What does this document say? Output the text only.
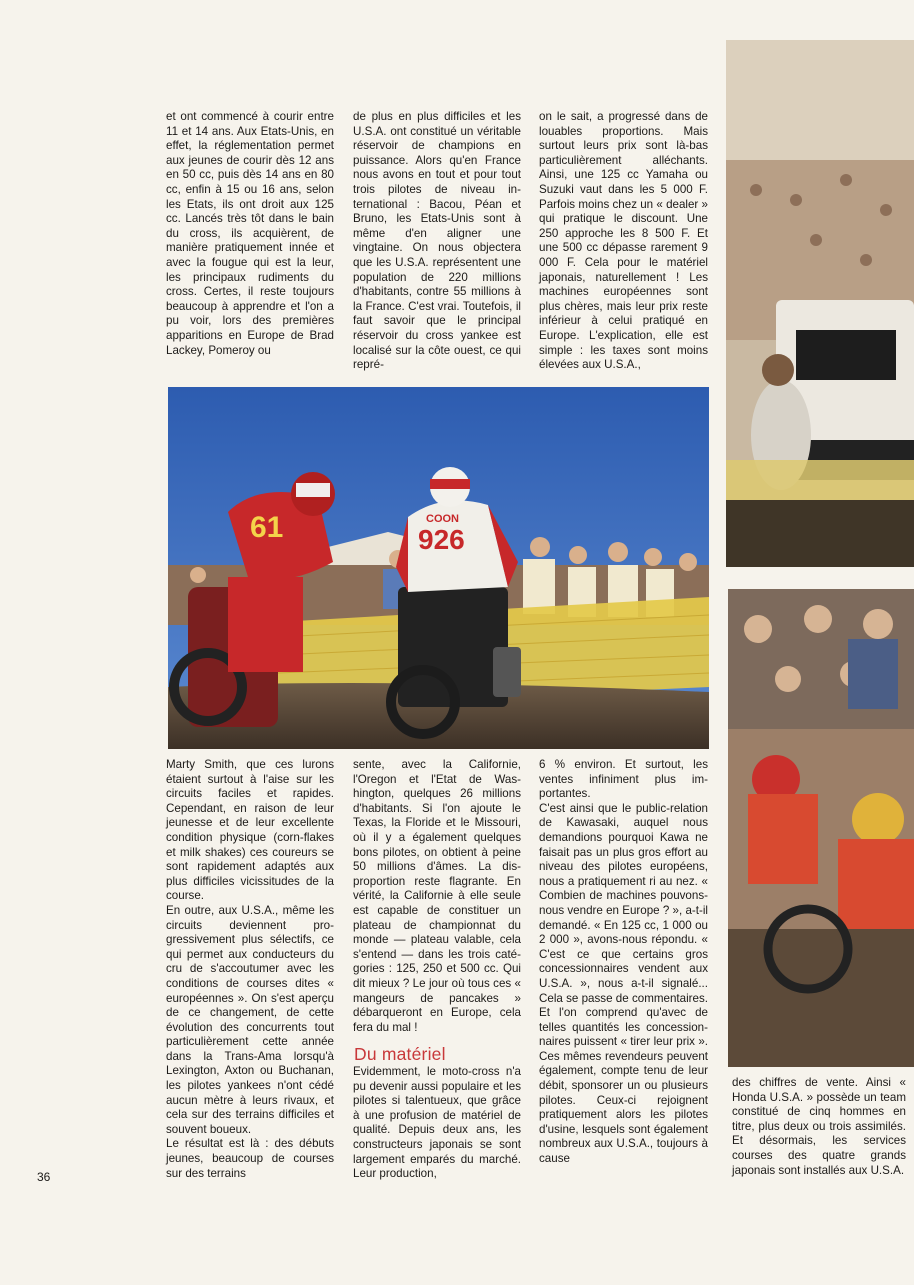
et ont commencé à courir entre 11 et 14 ans. Aux Etats-Unis, en effet, la réglementation permet aux jeunes de courir dès 12 ans en 50 cc, puis dès 14 ans en 80 cc, enfin à 15 ou 16 ans, selon les Etats, ils ont droit aux 125 cc. Lancés très tôt dans le bain du cross, ils acquièrent, de manière pratiquement innée et avec la fougue qui est la leur, les principaux rudiments du cross. Certes, il reste toujours beaucoup à apprendre et l'on a pu voir, lors des premières apparitions en Europe de Brad Lackey, Pomeroy ou

de plus en plus difficiles et les U.S.A. ont constitué un véritable réservoir de champions en puissance. Alors qu'en France nous avons en tout et pour tout trois pilotes de niveau international : Bacou, Péan et Bruno, les Etats-Unis sont à même d'en aligner une vingtaine. On nous objectera que les U.S.A. représentent une population de 220 millions d'habitants, contre 55 millions à la France. C'est vrai. Toutefois, il faut savoir que le principal réservoir du cross yankee est localisé sur la côte ouest, ce qui repré-

on le sait, a progressé dans de louables proportions. Mais surtout leurs prix sont là-bas particulièrement alléchants. Ainsi, une 125 cc Yamaha ou Suzuki vaut dans les 5 000 F. Parfois moins chez un « dealer » qui pratique le discount. Une 250 approche les 8 500 F. Et une 500 cc dépasse rarement 9 000 F. Cela pour le matériel japonais, naturellement ! Les machines européennes sont plus chères, mais leur prix reste inférieur à celui pratiqué en Europe. L'explication, elle est simple : les taxes sont moins élevées aux U.S.A.,

61	COON
926

Marty Smith, que ces lurons étaient surtout à l'aise sur les circuits faciles et rapides. Cependant, en raison de leur jeunesse et de leur excellente condition physique (corn-flakes et milk shakes) ces coureurs se sont rapidement adaptés aux plus difficiles vicissitudes de la course.
En outre, aux U.S.A., même les circuits deviennent progressivement plus sélectifs, ce qui permet aux conducteurs du cru de s'accoutumer avec les conditions de courses dites « européennes ». On s'est aperçu de ce changement, de cette évolution des concurrents tout particulièrement cette année dans la Trans-Ama lorsqu'à Lexington, Axton ou Buchanan, les pilotes yankees n'ont cédé aucun mètre à leurs rivaux, et cela sur des terrains difficiles et souvent boueux.
Le résultat est là : des débuts jeunes, beaucoup de courses sur des terrains

sente, avec la Californie, l'Oregon et l'Etat de Washington, quelques 26 millions d'habitants. Si l'on ajoute le Texas, la Floride et le Missouri, où il y a également quelques bons pilotes, on obtient à peine 50 millions d'âmes. La disproportion reste flagrante. En vérité, la Californie à elle seule est capable de constituer un plateau de championnat du monde — plateau valable, cela s'entend — dans les trois catégories : 125, 250 et 500 cc. Qui dit mieux ? Le jour où tous ces « mangeurs de pancakes » débarqueront en Europe, cela fera du mal !

Du matériel

Evidemment, le moto-cross n'a pu devenir aussi populaire et les pilotes si talentueux, que grâce à une profusion de matériel de qualité. Depuis deux ans, les constructeurs japonais se sont largement emparés du marché. Leur production,

6 % environ. Et surtout, les ventes infiniment plus importantes.
C'est ainsi que le public-relation de Kawasaki, auquel nous demandions pourquoi Kawa ne faisait pas un plus gros effort au niveau des pilotes européens, nous a pratiquement ri au nez. « Combien de machines pouvons-nous vendre en Europe ? », a-t-il demandé. « En 125 cc, 1 000 ou 2 000 », avons-nous répondu. « C'est ce que certains gros concessionnaires vendent aux U.S.A. », nous a-t-il signalé... Cela se passe de commentaires. Et l'on comprend qu'avec de telles quantités les concessionnaires puissent « tirer leur prix ». Ces mêmes revendeurs peuvent également, compte tenu de leur débit, sponsorer un ou plusieurs pilotes. Ceux-ci rejoignent pratiquement alors les pilotes d'usine, lesquels sont également nombreux aux U.S.A., toujours à cause

des chiffres de vente. Ainsi « Honda U.S.A. » possède un team constitué de cinq hommes en titre, plus deux ou trois assimilés. Et désormais, les services courses des quatre grands japonais sont installés aux U.S.A.

36
